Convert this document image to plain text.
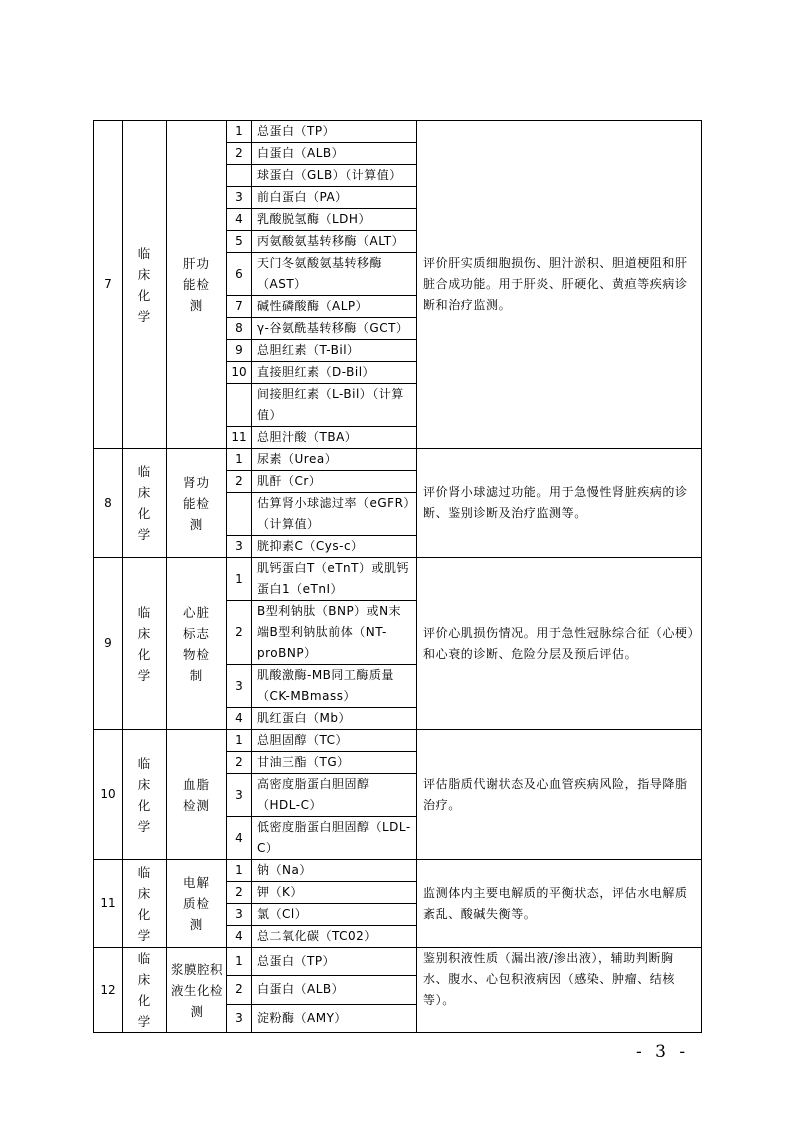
7	临床化学	肝功能检测	1	总蛋白（TP）	评价肝实质细胞损伤、胆汁淤积、胆道梗阻和肝脏合成功能。用于肝炎、肝硬化、黄疸等疾病诊断和治疗监测。
			2	白蛋白（ALB）	
				球蛋白（GLB）（计算值）	
			3	前白蛋白（PA）	
			4	乳酸脱氢酶（LDH）	
			5	丙氨酸氨基转移酶（ALT）	
			6	天门冬氨酸氨基转移酶（AST）	
			7	碱性磷酸酶（ALP）	
			8	γ-谷氨酰基转移酶（GCT）	
			9	总胆红素（T-Bil）	
			10	直接胆红素（D-Bil）	
				间接胆红素（L-Bil）（计算值）	
			11	总胆汁酸（TBA）	
8	临床化学	肾功能检测	1	尿素（Urea）	评价肾小球滤过功能。用于急慢性肾脏疾病的诊断、鉴别诊断及治疗监测等。
			2	肌酐（Cr）	
				估算肾小球滤过率（eGFR）（计算值）	
			3	胱抑素C（Cys-c）	
9	临床化学	心脏标志物检制	1	肌钙蛋白T（eTnT）或肌钙蛋白1（eTnI）	评价心肌损伤情况。用于急性冠脉综合征（心梗）和心衰的诊断、危险分层及预后评估。
			2	B型利钠肽（BNP）或N末端B型利钠肽前体（NT-proBNP）	
			3	肌酸激酶-MB同工酶质量（CK-MBmass）	
			4	肌红蛋白（Mb）	
10	临床化学	血脂检测	1	总胆固醇（TC）	评估脂质代谢状态及心血管疾病风险，指导降脂治疗。
			2	甘油三酯（TG）	
			3	高密度脂蛋白胆固醇（HDL-C）	
			4	低密度脂蛋白胆固醇（LDL-C）	
11	临床化学	电解质检测	1	钠（Na）	监测体内主要电解质的平衡状态，评估水电解质紊乱、酸碱失衡等。
			2	钾（K）	
			3	氯（Cl）	
			4	总二氧化碳（TC02）	
12	临床化学	浆膜腔积液生化检测	1	总蛋白（TP）	鉴别积液性质（漏出液/渗出液），辅助判断胸水、腹水、心包积液病因（感染、肿瘤、结核等）。
			2	白蛋白（ALB）	
			3	淀粉酶（AMY）	
- 3 -
